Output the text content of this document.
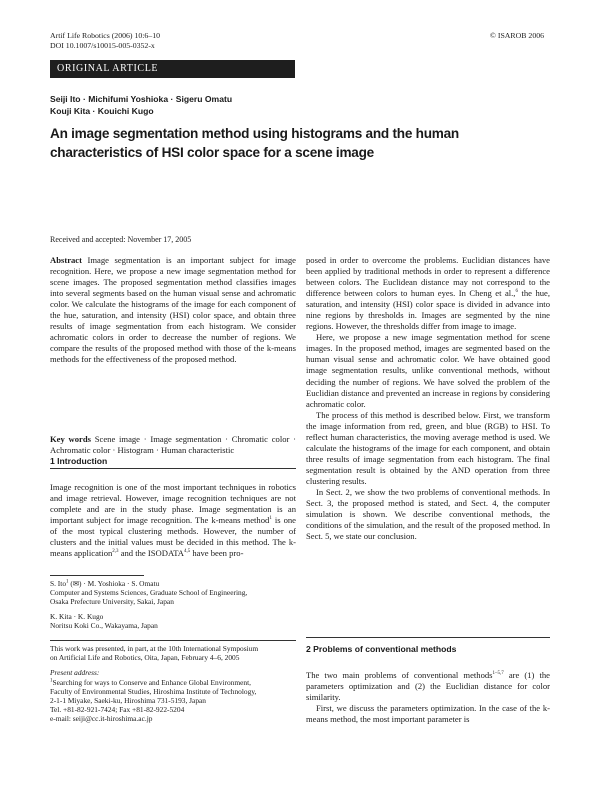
Artif Life Robotics (2006) 10:6–10
DOI 10.1007/s10015-005-0352-x
© ISAROB 2006
ORIGINAL ARTICLE
Seiji Ito · Michifumi Yoshioka · Sigeru Omatu
Kouji Kita · Kouichi Kugo
An image segmentation method using histograms and the human
characteristics of HSI color space for a scene image
Received and accepted: November 17, 2005

Abstract Image segmentation is an important subject for image recognition. Here, we propose a new image segmentation method for scene images. The proposed segmentation method classifies images into several segments based on the human visual sense and achromatic color. We calculate the histograms of the image for each component of the hue, saturation, and intensity (HSI) color space, and obtain three results of image segmentation from each histogram. We consider achromatic colors in order to decrease the number of regions. We compare the results of the proposed method with those of the k-means methods for the effectiveness of the proposed method.

Key words Scene image · Image segmentation · Chromatic color · Achromatic color · Histogram · Human characteristic

1 Introduction

Image recognition is one of the most important techniques in robotics and image retrieval. However, image recognition techniques are not complete and are in the study phase. Image segmentation is an important subject for image recognition. The k-means method$^1$ is one of the most typical clustering methods. However, the number of clusters and the initial values must be decided in this method. The k-means application$^{2,3}$ and the ISODATA$^{4,5}$ have been pro-

S. Ito$^1$ (✉) · M. Yoshioka · S. Omatu

Computer and Systems Sciences, Graduate School of Engineering,

Osaka Prefecture University, Sakai, Japan

K. Kita · K. Kugo

Noritsu Koki Co., Wakayama, Japan

This work was presented, in part, at the 10th International Symposium

on Artificial Life and Robotics, Oita, Japan, February 4–6, 2005

Present address:

$^1$Searching for ways to Conserve and Enhance Global Environment,

Faculty of Environmental Studies, Hiroshima Institute of Technology,

2-1-1 Miyake, Saeki-ku, Hiroshima 731-5193, Japan

Tel. +81-82-921-7424; Fax +81-82-922-5204

e-mail: seiji@cc.it-hiroshima.ac.jp

posed in order to overcome the problems. Euclidian distances have been applied by traditional methods in order to represent a difference between colors. The Euclidean distance may not correspond to the difference between colors to human eyes. In Cheng et al.,$^6$ the hue, saturation, and intensity (HSI) color space is divided in advance into nine regions by thresholds in. Images are segmented by the nine regions. However, the thresholds differ from image to image.

Here, we propose a new image segmentation method for scene images. In the proposed method, images are segmented based on the human visual sense and achromatic color. We have obtained good image segmentation results, unlike conventional methods, without deciding the number of regions. We have solved the problem of the Euclidian distance and prevented an increase in regions by considering achromatic color.

The process of this method is described below. First, we transform the image information from red, green, and blue (RGB) to HSI. To reflect human characteristics, the moving average method is used. We calculate the histograms of the image for each component, and obtain three results of image segmentation from each histogram. The final segmentation result is obtained by the AND operation from three clustering results.

In Sect. 2, we show the two problems of conventional methods. In Sect. 3, the proposed method is stated, and Sect. 4, the computer simulation is shown. We describe conventional methods, the conditions of the simulation, and the result of the proposed method. In Sect. 5, we state our conclusion.

2 Problems of conventional methods

The two main problems of conventional methods$^{1-5,7}$ are (1) the parameters optimization and (2) the Euclidian distance for color similarity.

First, we discuss the parameters optimization. In the case of the k-means method, the most important parameter is
